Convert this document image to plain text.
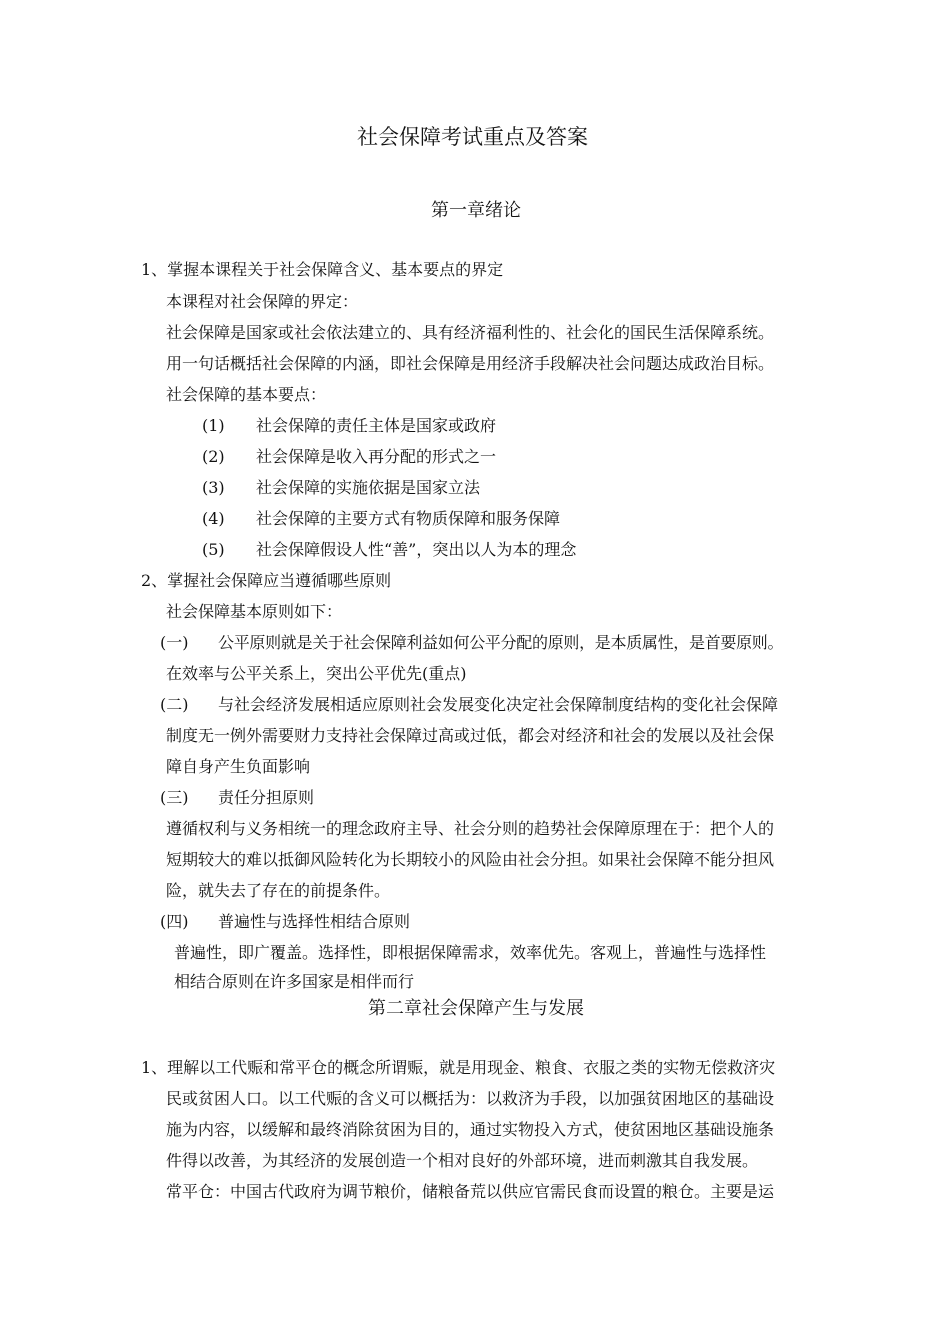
社会保障考试重点及答案
第一章绪论
1、掌握本课程关于社会保障含义、基本要点的界定
本课程对社会保障的界定：
社会保障是国家或社会依法建立的、具有经济福利性的、社会化的国民生活保障系统。
用一句话概括社会保障的内涵，即社会保障是用经济手段解决社会问题达成政治目标。
社会保障的基本要点：
(1) 社会保障的责任主体是国家或政府
(2) 社会保障是收入再分配的形式之一
(3) 社会保障的实施依据是国家立法
(4) 社会保障的主要方式有物质保障和服务保障
(5) 社会保障假设人性“善”，突出以人为本的理念
2、掌握社会保障应当遵循哪些原则
社会保障基本原则如下：
(一) 公平原则就是关于社会保障利益如何公平分配的原则，是本质属性，是首要原则。
在效率与公平关系上，突出公平优先(重点)
(二) 与社会经济发展相适应原则社会发展变化决定社会保障制度结构的变化社会保障
制度无一例外需要财力支持社会保障过高或过低，都会对经济和社会的发展以及社会保
障自身产生负面影响
(三) 责任分担原则
遵循权利与义务相统一的理念政府主导、社会分则的趋势社会保障原理在于：把个人的
短期较大的难以抵御风险转化为长期较小的风险由社会分担。如果社会保障不能分担风
险，就失去了存在的前提条件。
(四) 普遍性与选择性相结合原则
普遍性，即广覆盖。选择性，即根据保障需求，效率优先。客观上，普遍性与选择性
相结合原则在许多国家是相伴而行
第二章社会保障产生与发展
1、理解以工代赈和常平仓的概念所谓赈，就是用现金、粮食、衣服之类的实物无偿救济灾
民或贫困人口。以工代赈的含义可以概括为：以救济为手段，以加强贫困地区的基础设
施为内容，以缓解和最终消除贫困为目的，通过实物投入方式，使贫困地区基础设施条
件得以改善，为其经济的发展创造一个相对良好的外部环境，进而刺激其自我发展。
常平仓：中国古代政府为调节粮价，储粮备荒以供应官需民食而设置的粮仓。主要是运
